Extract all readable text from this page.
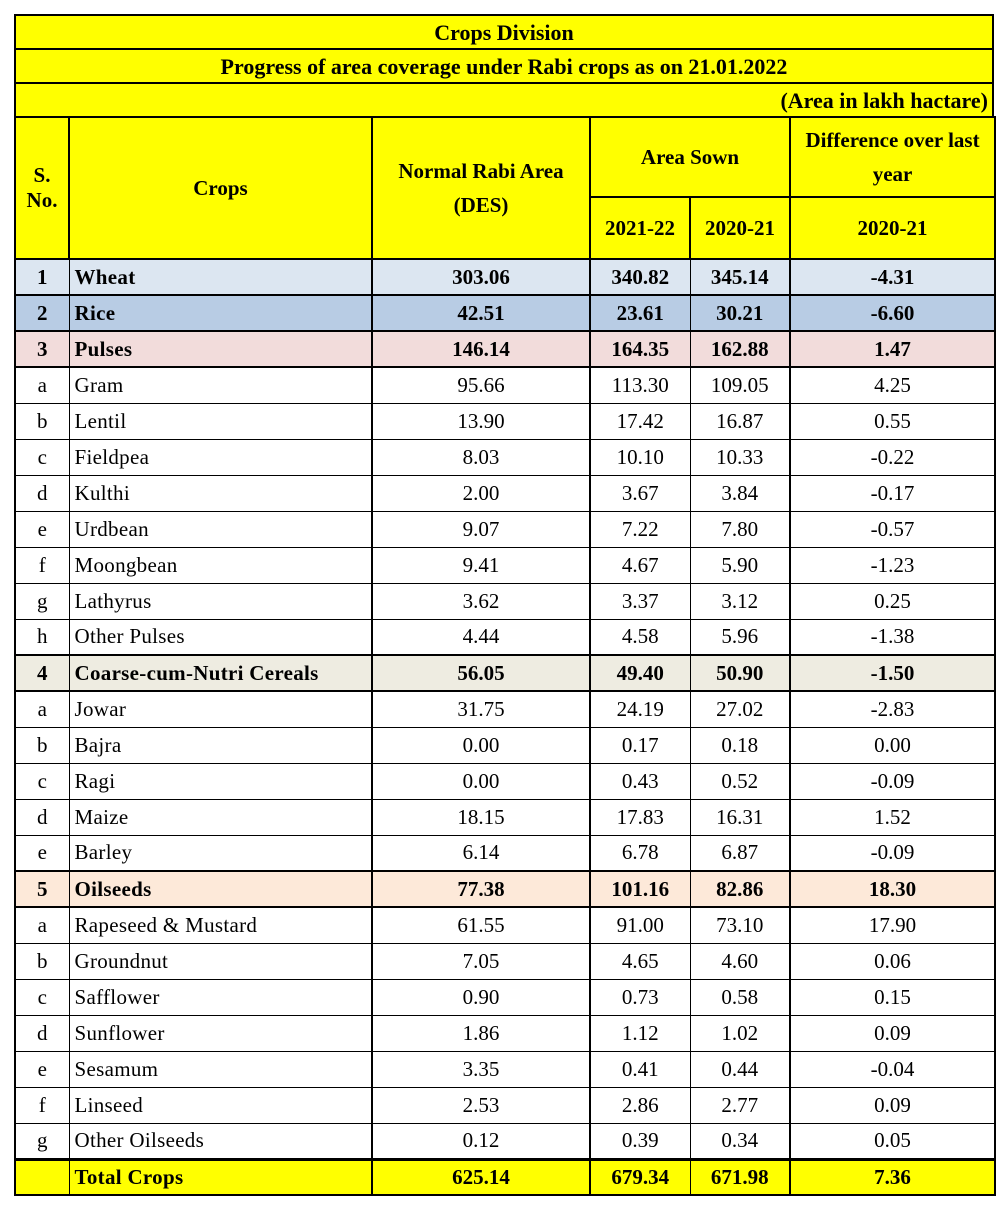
Crops Division
Progress of area coverage under Rabi crops as on 21.01.2022
(Area in lakh hactare)
S. No.	Crops	Normal Rabi Area (DES)	Area Sown		Difference over last year
			2021-22	2020-21	2020-21
1	Wheat	303.06	340.82	345.14	-4.31
2	Rice	42.51	23.61	30.21	-6.60
3	Pulses	146.14	164.35	162.88	1.47
a	Gram	95.66	113.30	109.05	4.25
b	Lentil	13.90	17.42	16.87	0.55
c	Fieldpea	8.03	10.10	10.33	-0.22
d	Kulthi	2.00	3.67	3.84	-0.17
e	Urdbean	9.07	7.22	7.80	-0.57
f	Moongbean	9.41	4.67	5.90	-1.23
g	Lathyrus	3.62	3.37	3.12	0.25
h	Other Pulses	4.44	4.58	5.96	-1.38
4	Coarse-cum-Nutri Cereals	56.05	49.40	50.90	-1.50
a	Jowar	31.75	24.19	27.02	-2.83
b	Bajra	0.00	0.17	0.18	0.00
c	Ragi	0.00	0.43	0.52	-0.09
d	Maize	18.15	17.83	16.31	1.52
e	Barley	6.14	6.78	6.87	-0.09
5	Oilseeds	77.38	101.16	82.86	18.30
a	Rapeseed & Mustard	61.55	91.00	73.10	17.90
b	Groundnut	7.05	4.65	4.60	0.06
c	Safflower	0.90	0.73	0.58	0.15
d	Sunflower	1.86	1.12	1.02	0.09
e	Sesamum	3.35	0.41	0.44	-0.04
f	Linseed	2.53	2.86	2.77	0.09
g	Other Oilseeds	0.12	0.39	0.34	0.05
	Total Crops	625.14	679.34	671.98	7.36
